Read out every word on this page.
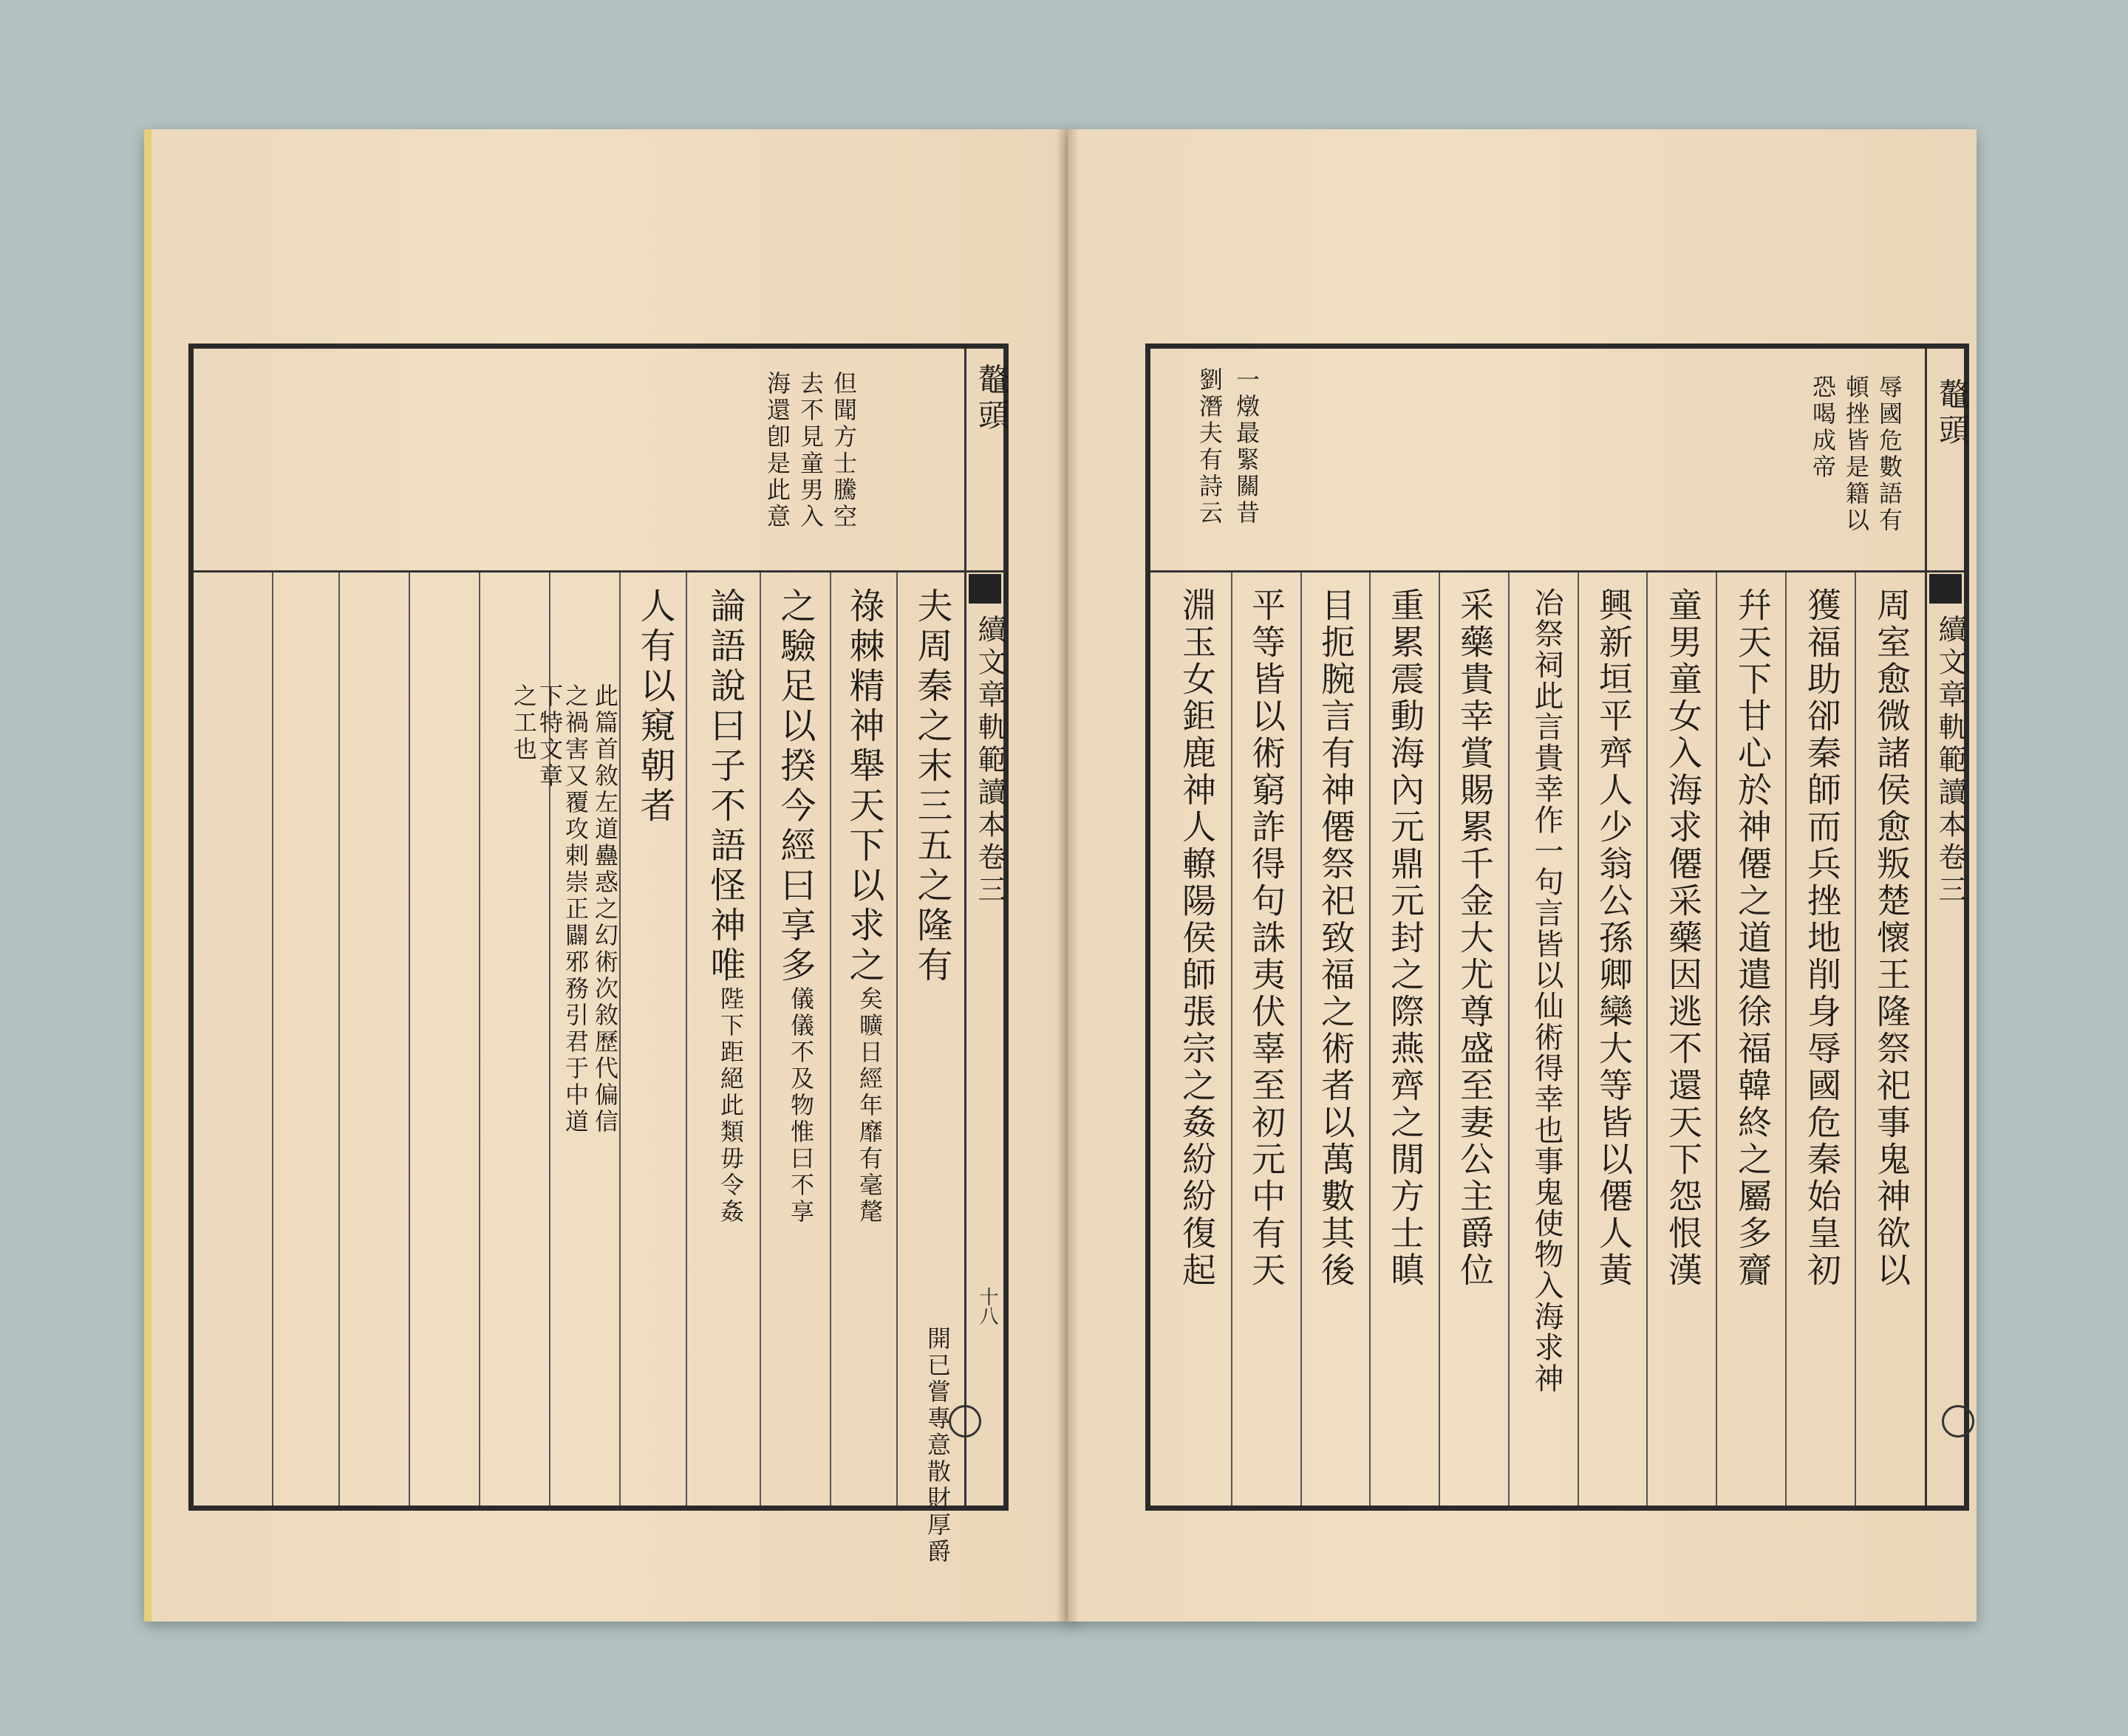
但聞方士騰空
去不見童男入
海還卽是此意	鼇頭
續文章軌範讀本卷三
十八
夫周秦之末三五之隆有
開已嘗專意散財厚爵
祿棘精神舉天下以求之
矣曠日經年靡有毫氂
之驗足以揆今經曰享多
儀儀不及物惟曰不享
論語說曰子不語怪神唯
陛下距絕此類毋令姦
人有以窺朝者
此篇首敘左道蠱惑之幻術次敘歷代偏信
之禍害又覆攻剌崇正闢邪務引君于中道
下特文章
之工也
辱國危數語有
頓挫皆是籍以
恐喝成帝
一燉最緊關昔
劉潛夫有詩云	鼇頭
續文章軌範讀本卷三
周室愈微諸侯愈叛楚懷王隆祭祀事鬼神欲以
獲福助卻秦師而兵挫地削身辱國危秦始皇初
幷天下甘心於神僊之道遣徐福韓終之屬多齎
童男童女入海求僊采藥因逃不還天下怨恨漢
興新垣平齊人少翁公孫卿欒大等皆以僊人黃
冶祭祠此言貴幸作一句言皆以仙術得幸也事鬼使物入海求神
采藥貴幸賞賜累千金大尤尊盛至妻公主爵位
重累震動海內元鼎元封之際燕齊之閒方士瞋
目扼腕言有神僊祭祀致福之術者以萬數其後
平等皆以術窮詐得句誅夷伏辜至初元中有天
淵玉女鉅鹿神人轑陽侯師張宗之姦紛紛復起
